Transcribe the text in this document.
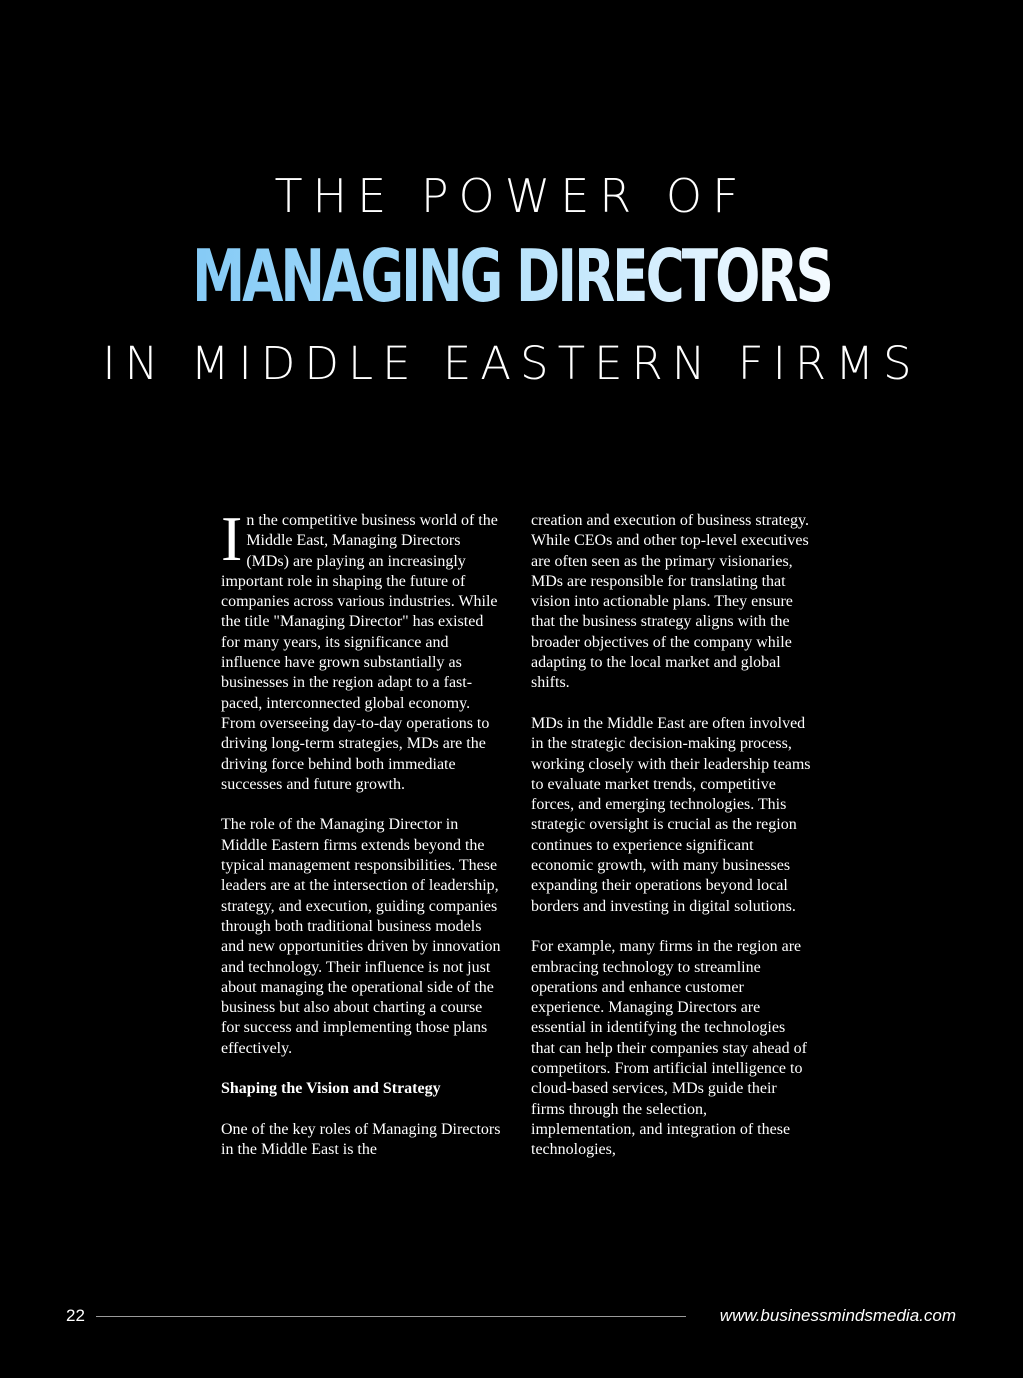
THE POWER OF
MANAGING DIRECTORS
IN MIDDLE EASTERN FIRMS

In the competitive business world of the Middle East, Managing Directors (MDs) are playing an increasingly important role in shaping the future of companies across various industries. While the title "Managing Director" has existed for many years, its significance and influence have grown substantially as businesses in the region adapt to a fast-paced, interconnected global economy. From overseeing day-to-day operations to driving long-term strategies, MDs are the driving force behind both immediate successes and future growth.

The role of the Managing Director in Middle Eastern firms extends beyond the typical management responsibilities. These leaders are at the intersection of leadership, strategy, and execution, guiding companies through both traditional business models and new opportunities driven by innovation and technology. Their influence is not just about managing the operational side of the business but also about charting a course for success and implementing those plans effectively.

Shaping the Vision and Strategy

One of the key roles of Managing Directors in the Middle East is the

creation and execution of business strategy. While CEOs and other top-level executives are often seen as the primary visionaries, MDs are responsible for translating that vision into actionable plans. They ensure that the business strategy aligns with the broader objectives of the company while adapting to the local market and global shifts.

MDs in the Middle East are often involved in the strategic decision-making process, working closely with their leadership teams to evaluate market trends, competitive forces, and emerging technologies. This strategic oversight is crucial as the region continues to experience significant economic growth, with many businesses expanding their operations beyond local borders and investing in digital solutions.

For example, many firms in the region are embracing technology to streamline operations and enhance customer experience. Managing Directors are essential in identifying the technologies that can help their companies stay ahead of competitors. From artificial intelligence to cloud-based services, MDs guide their firms through the selection, implementation, and integration of these technologies,

22	www.businessmindsmedia.com
